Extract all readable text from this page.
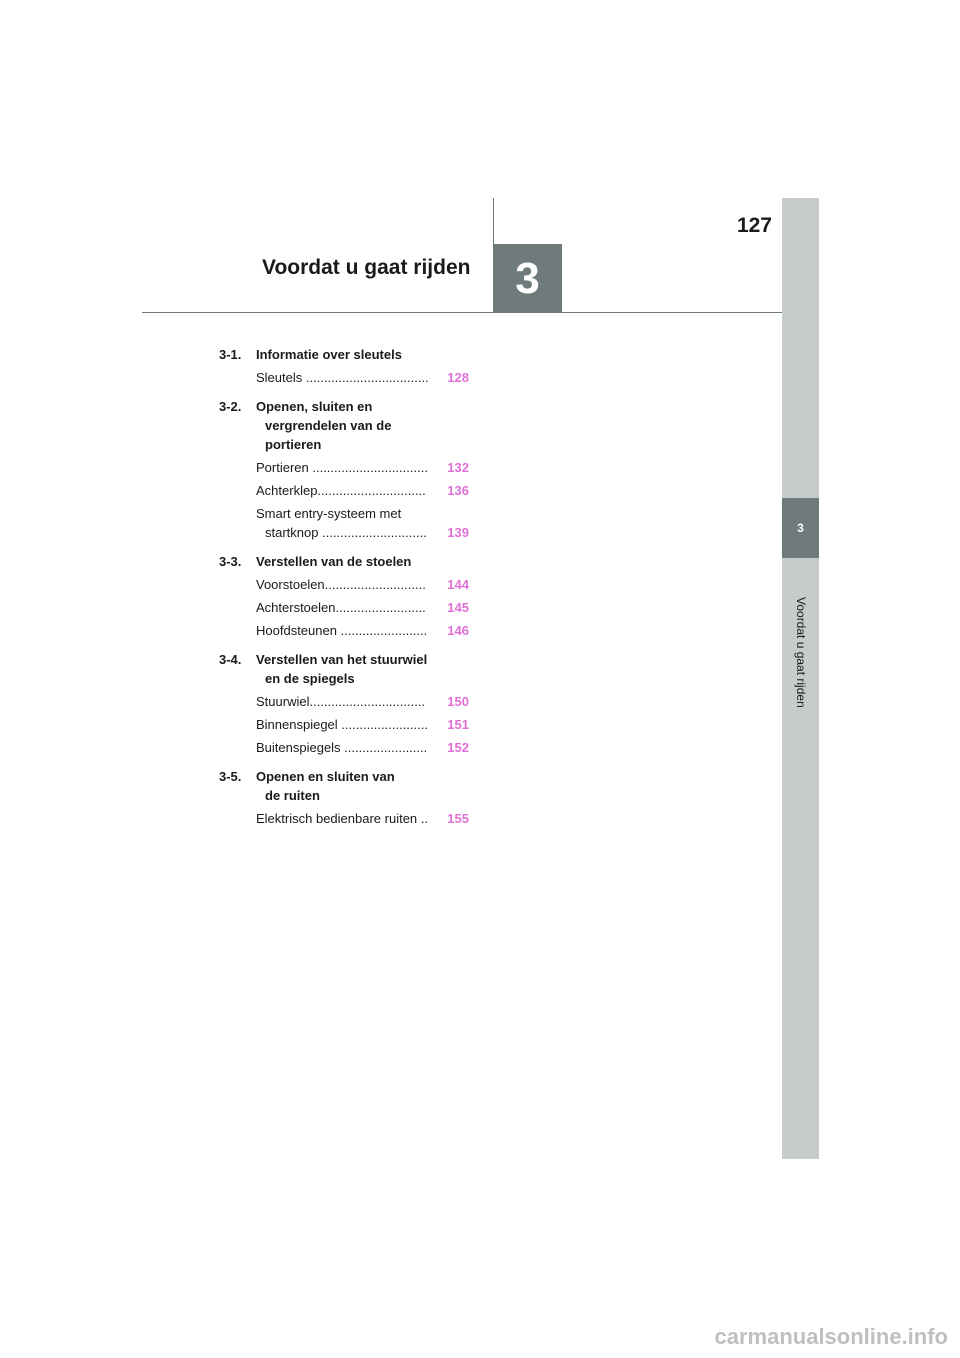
127
Voordat u gaat rijden	3
3
Voordat u gaat rijden
3-1.	Informatie over sleutels
Sleutels ..................................	128
3-2.	Openen, sluiten en
vergrendelen van de
portieren
Portieren ................................	132
Achterklep..............................	136
Smart entry-systeem met
startknop .............................	139
3-3.	Verstellen van de stoelen
Voorstoelen............................	144
Achterstoelen.........................	145
Hoofdsteunen ........................	146
3-4.	Verstellen van het stuurwiel
en de spiegels
Stuurwiel................................	150
Binnenspiegel ........................	151
Buitenspiegels .......................	152
3-5.	Openen en sluiten van
de ruiten
Elektrisch bedienbare ruiten ..	155
carmanualsonline.info
